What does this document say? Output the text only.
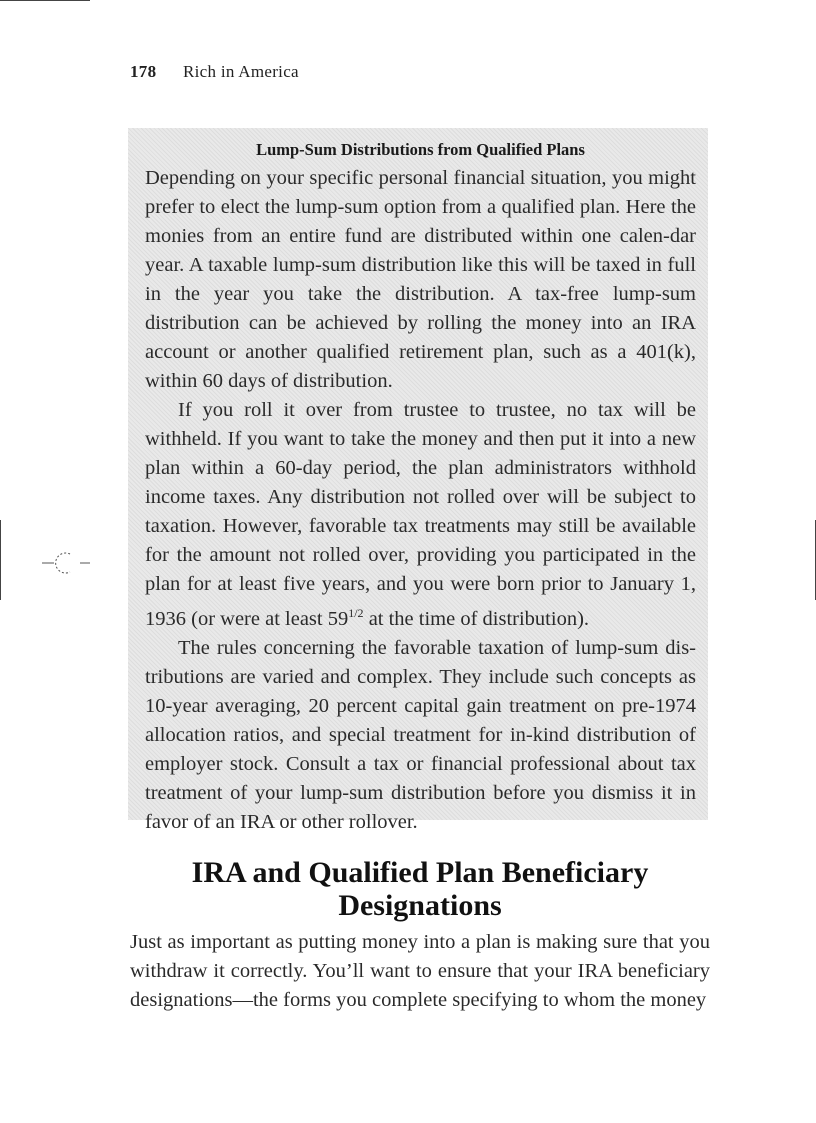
178 Rich in America
Lump-Sum Distributions from Qualified Plans

Depending on your specific personal financial situation, you might prefer to elect the lump-sum option from a qualified plan. Here the monies from an entire fund are distributed within one calen-dar year. A taxable lump-sum distribution like this will be taxed in full in the year you take the distribution. A tax-free lump-sum distribution can be achieved by rolling the money into an IRA account or another qualified retirement plan, such as a 401(k), within 60 days of distribution.

If you roll it over from trustee to trustee, no tax will be withheld. If you want to take the money and then put it into a new plan within a 60-day period, the plan administrators withhold income taxes. Any distribution not rolled over will be subject to taxation. However, favorable tax treatments may still be available for the amount not rolled over, providing you participated in the plan for at least five years, and you were born prior to January 1, 1936 (or were at least $59^{1/2}$ at the time of distribution).

The rules concerning the favorable taxation of lump-sum dis-tributions are varied and complex. They include such concepts as 10-year averaging, 20 percent capital gain treatment on pre-1974 allocation ratios, and special treatment for in-kind distribution of employer stock. Consult a tax or financial professional about tax treatment of your lump-sum distribution before you dismiss it in favor of an IRA or other rollover.

IRA and Qualified Plan Beneficiary Designations

Just as important as putting money into a plan is making sure that you withdraw it correctly. You’ll want to ensure that your IRA beneficiary designations—the forms you complete specifying to whom the money
